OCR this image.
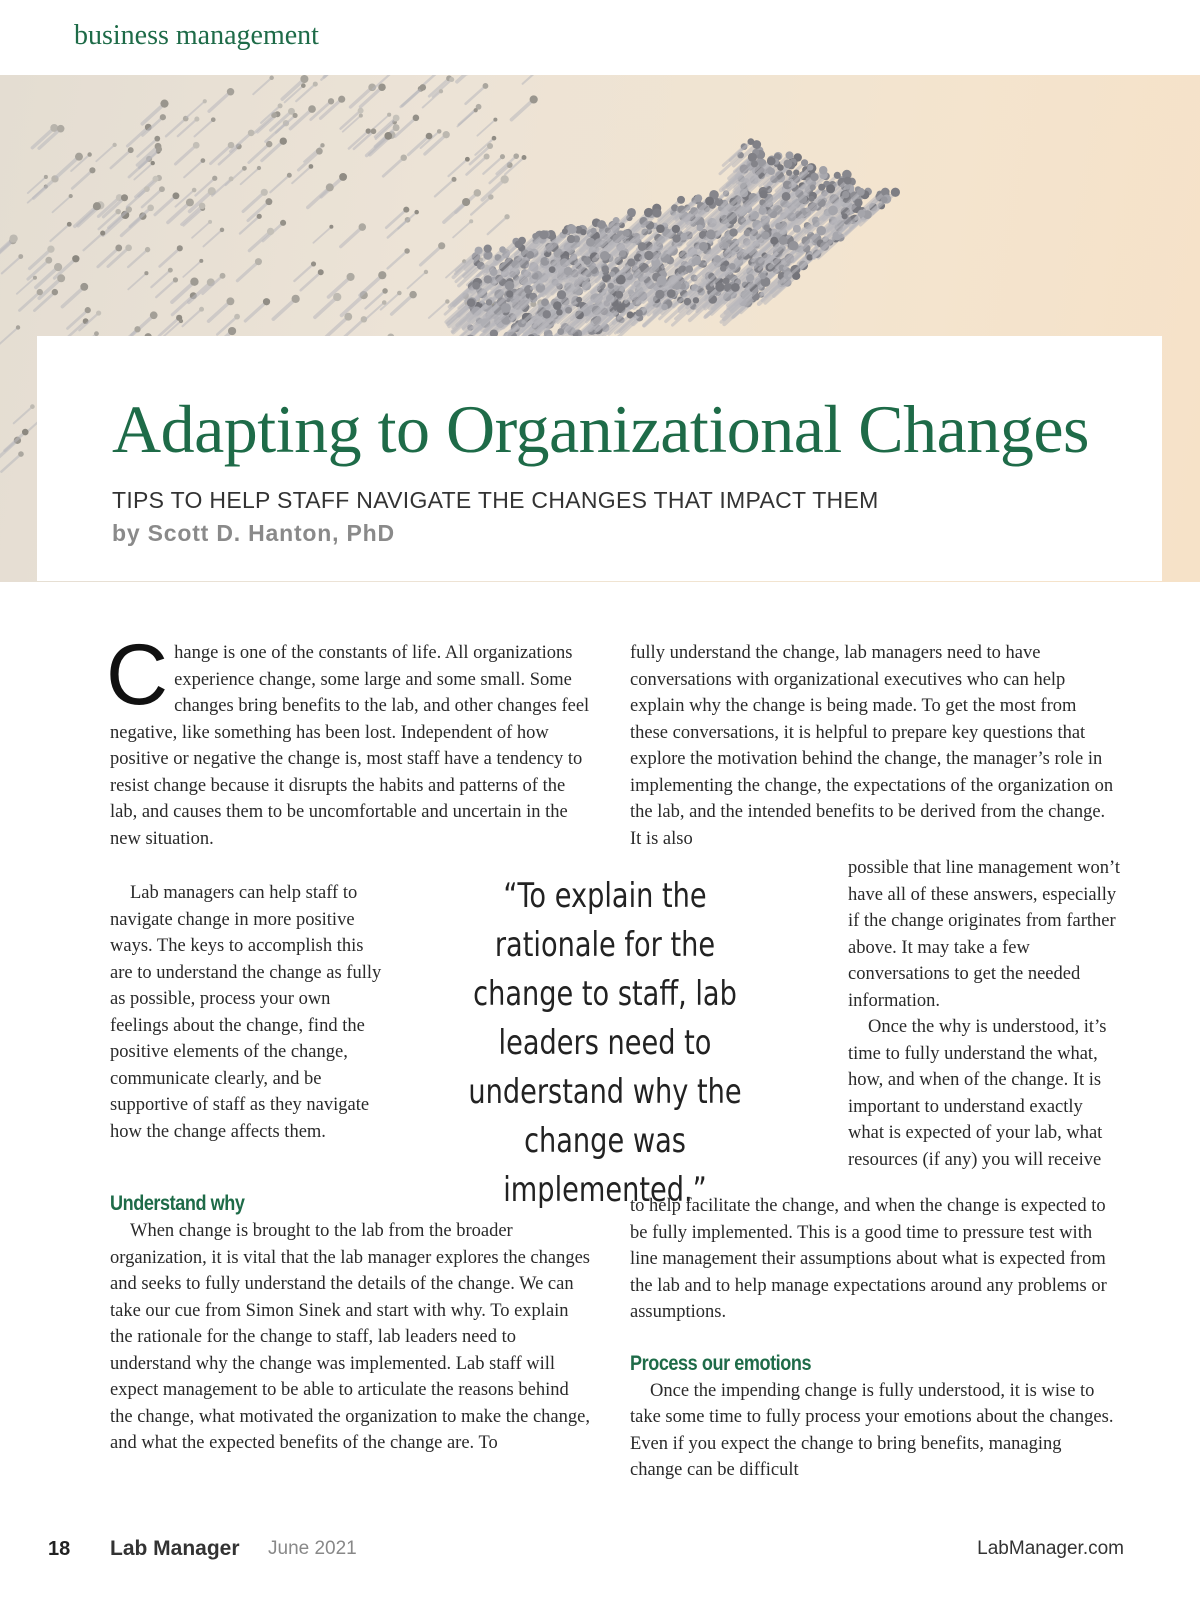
business management
Adapting to Organizational Changes
TIPS TO HELP STAFF NAVIGATE THE CHANGES THAT IMPACT THEM
by Scott D. Hanton, PhD

Change is one of the constants of life. All organizations experience change, some large and some small. Some changes bring benefits to the lab, and other changes feel negative, like something has been lost. Independent of how positive or negative the change is, most staff have a tendency to resist change because it disrupts the habits and patterns of the lab, and causes them to be uncomfortable and uncertain in the new situation.

Lab managers can help staff to navigate change in more positive ways. The keys to accomplish this are to understand the change as fully as possible, process your own feelings about the change, find the positive elements of the change, communicate clearly, and be supportive of staff as they navigate how the change affects them.

Understand why

When change is brought to the lab from the broader organization, it is vital that the lab manager explores the changes and seeks to fully understand the details of the change. We can take our cue from Simon Sinek and start with why. To explain the rationale for the change to staff, lab leaders need to understand why the change was implemented. Lab staff will expect management to be able to articulate the reasons behind the change, what motivated the organization to make the change, and what the expected benefits of the change are. To

“To explain the rationale for the change to staff, lab leaders need to understand why the change was implemented.”

fully understand the change, lab managers need to have conversations with organizational executives who can help explain why the change is being made. To get the most from these conversations, it is helpful to prepare key questions that explore the motivation behind the change, the manager’s role in implementing the change, the expectations of the organization on the lab, and the intended benefits to be derived from the change. It is also

possible that line management won’t have all of these answers, especially if the change originates from farther above. It may take a few conversations to get the needed information.

Once the why is understood, it’s time to fully understand the what, how, and when of the change. It is important to understand exactly what is expected of your lab, what resources (if any) you will receive

to help facilitate the change, and when the change is expected to be fully implemented. This is a good time to pressure test with line management their assumptions about what is expected from the lab and to help manage expectations around any problems or assumptions.

Process our emotions

Once the impending change is fully understood, it is wise to take some time to fully process your emotions about the changes. Even if you expect the change to bring benefits, managing change can be difficult

18 Lab Manager June 2021	LabManager.com
